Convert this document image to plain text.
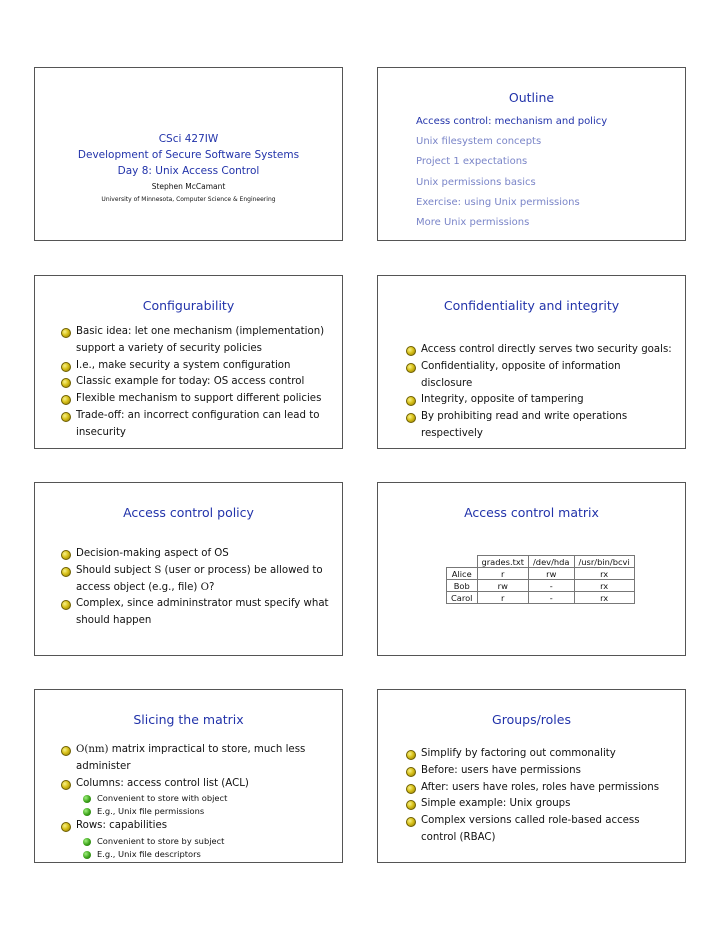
CSci 427IW
Development of Secure Software Systems
Day 8: Unix Access Control
Stephen McCamant
University of Minnesota, Computer Science & Engineering
Outline
Access control: mechanism and policy
Unix filesystem concepts
Project 1 expectations
Unix permissions basics
Exercise: using Unix permissions
More Unix permissions
Configurability
Basic idea: let one mechanism (implementation) support a variety of security policies
I.e., make security a system configuration
Classic example for today: OS access control
Flexible mechanism to support different policies
Trade-off: an incorrect configuration can lead to insecurity
Confidentiality and integrity
Access control directly serves two security goals:
Confidentiality, opposite of information disclosure
Integrity, opposite of tampering
By prohibiting read and write operations respectively
Access control policy
Decision-making aspect of OS
Should subject S (user or process) be allowed to access object (e.g., file) O?
Complex, since admininstrator must specify what should happen
Access control matrix
	grades.txt	/dev/hda	/usr/bin/bcvi
Alice	r	rw	rx
Bob	rw	-	rx
Carol	r	-	rx
Slicing the matrix
O(nm) matrix impractical to store, much less administer
Columns: access control list (ACL)
Convenient to store with object
E.g., Unix file permissions
Rows: capabilities
Convenient to store by subject
E.g., Unix file descriptors
Groups/roles
Simplify by factoring out commonality
Before: users have permissions
After: users have roles, roles have permissions
Simple example: Unix groups
Complex versions called role-based access control (RBAC)
